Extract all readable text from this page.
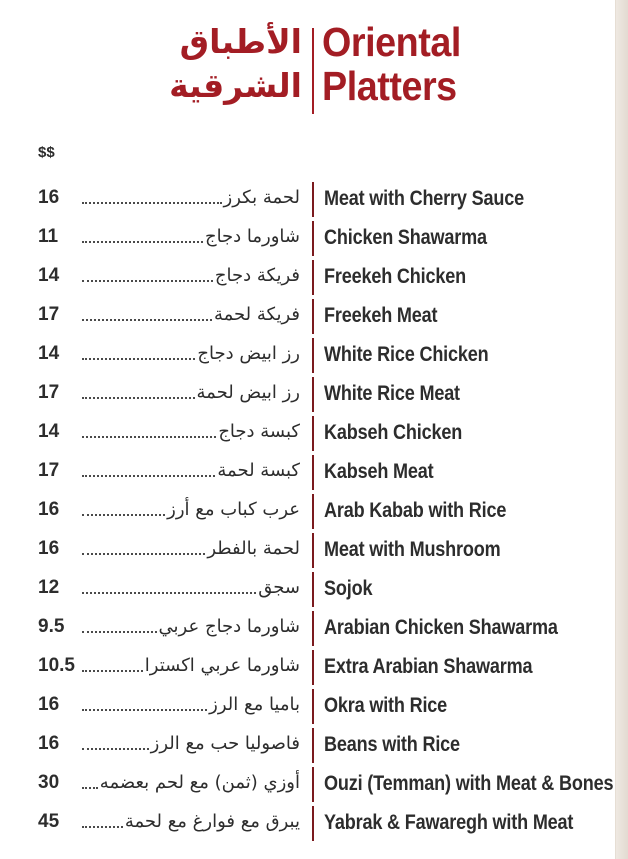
الأطباق
الشرقية
Oriental
Platters
$$
16	لحمة بكرز Meat with Cherry Sauce
11	شاورما دجاج Chicken Shawarma
14	فريكة دجاج Freekeh Chicken
17	فريكة لحمة Freekeh Meat
14	رز ابيض دجاج White Rice Chicken
17	رز ابيض لحمة White Rice Meat
14	كبسة دجاج Kabseh Chicken
17	كبسة لحمة Kabseh Meat
16	عرب كباب مع أرز Arab Kabab with Rice
16	لحمة بالفطر Meat with Mushroom
12	سجق Sojok
9.5	شاورما دجاج عربي Arabian Chicken Shawarma
10.5	شاورما عربي اكسترا Extra Arabian Shawarma
16	باميا مع الرز Okra with Rice
16	فاصوليا حب مع الرز Beans with Rice
30 أوزي (ثمن) مع لحم بعضمه Ouzi (Temman) with Meat & Bones
45	يبرق مع فوارغ مع لحمة Yabrak & Fawaregh with Meat
